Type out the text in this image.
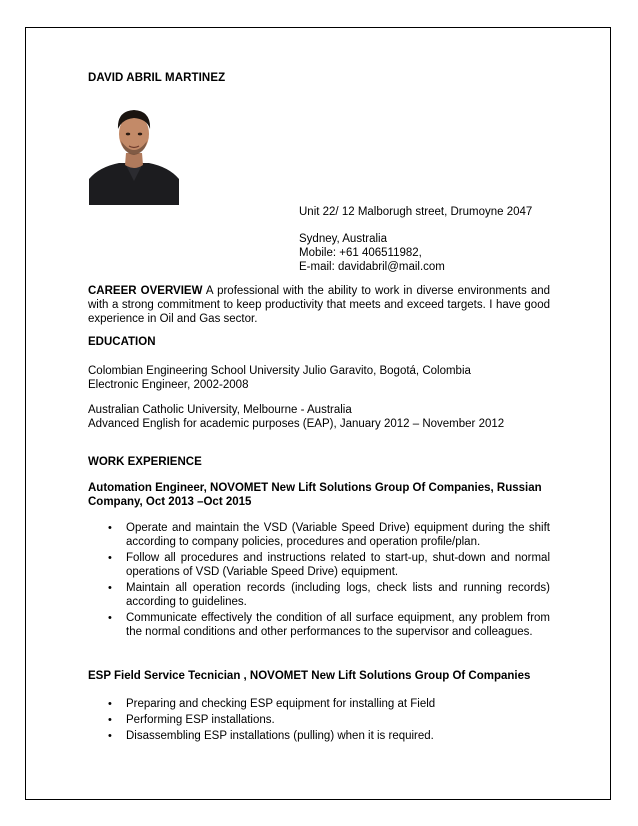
DAVID ABRIL MARTINEZ
Unit 22/ 12 Malborugh street, Drumoyne 2047
Sydney, Australia
Mobile: +61 406511982,
E-mail: davidabril@mail.com
CAREER OVERVIEW A professional with the ability to work in diverse environments and with a strong commitment to keep productivity that meets and exceed targets. I have good experience in Oil and Gas sector.
EDUCATION
Colombian Engineering School University Julio Garavito, Bogotá, Colombia
Electronic Engineer, 2002-2008
Australian Catholic University, Melbourne - Australia
Advanced English for academic purposes (EAP), January 2012 – November 2012
WORK EXPERIENCE
Automation Engineer, NOVOMET New Lift Solutions Group Of Companies, Russian Company, Oct 2013 –Oct 2015
• Operate and maintain the VSD (Variable Speed Drive) equipment during the shift according to company policies, procedures and operation profile/plan.
• Follow all procedures and instructions related to start-up, shut-down and normal operations of VSD (Variable Speed Drive) equipment.
• Maintain all operation records (including logs, check lists and running records) according to guidelines.
• Communicate effectively the condition of all surface equipment, any problem from the normal conditions and other performances to the supervisor and colleagues.
ESP Field Service Tecnician , NOVOMET New Lift Solutions Group Of Companies
• Preparing and checking ESP equipment for installing at Field
• Performing ESP installations.
• Disassembling ESP installations (pulling) when it is required.
